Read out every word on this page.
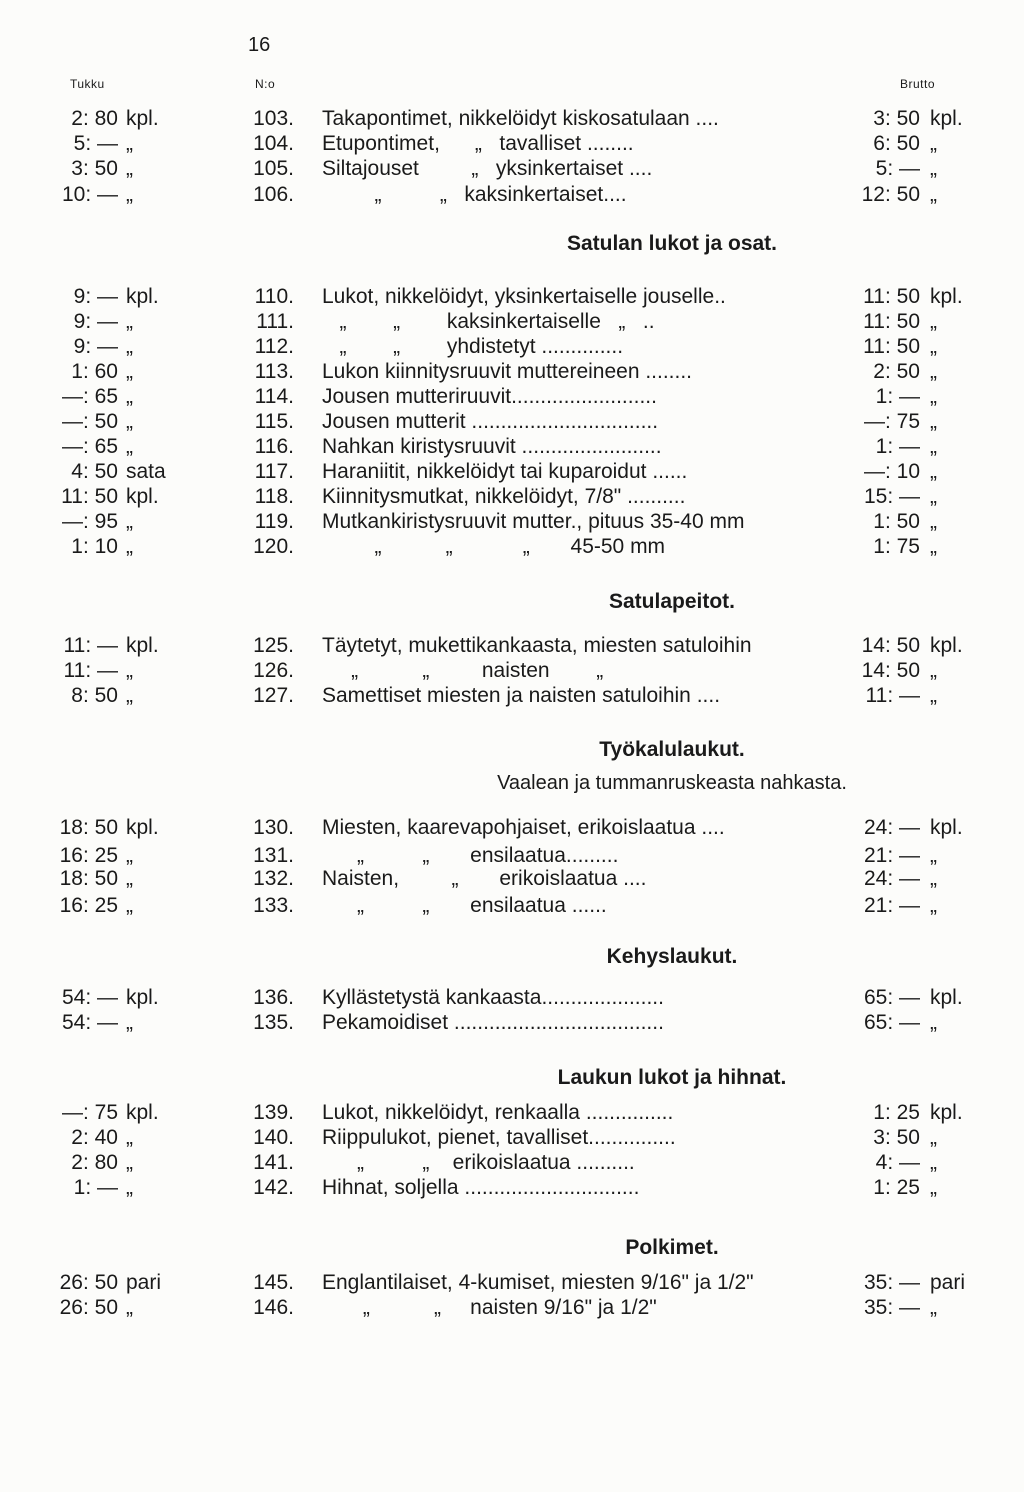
16
Tukku	N:o	Brutto
Satulan lukot ja osat.
Satulapeitot.
Työkalulaukut.
Vaalean ja tummanruskeasta nahkasta.
Kehyslaukut.
Laukun lukot ja hihnat.
Polkimet.
2: 80 kpl.	103. Takapontimet, nikkelöidyt kiskosatulaan ....	3: 50 kpl.
5: — „	104. Etupontimet,      „   tavalliset ........	6: 50 „
3: 50 „	105. Siltajouset         „   yksinkertaiset ....	5: — „
10: — „	106. „          „   kaksinkertaiset....	12: 50 „
9: — kpl.	110. Lukot, nikkelöidyt, yksinkertaiselle jouselle..	11: 50 kpl.
9: — „	111. „        „        kaksinkertaiselle   „   ..	11: 50 „
9: — „	112. „        „        yhdistetyt ..............	11: 50 „
1: 60 „	113. Lukon kiinnitysruuvit muttereineen ........	2: 50 „
—: 65 „	114. Jousen mutteriruuvit.........................	1: — „
—: 50 „	115. Jousen mutterit ................................	—: 75 „
—: 65 „	116. Nahkan kiristysruuvit ........................	1: — „
4: 50 sata	117. Haraniitit, nikkelöidyt tai kuparoidut ......	—: 10 „
11: 50 kpl.	118. Kiinnitysmutkat, nikkelöidyt, 7/8" ..........	15: — „
—: 95 „	119. Mutkankiristysruuvit mutter., pituus 35-40 mm	1: 50 „
1: 10 „	120. „           „            „       45-50 mm	1: 75 „
11: — kpl.	125. Täytetyt, mukettikankaasta, miesten satuloihin	14: 50 kpl.
11: — „	126. „           „         naisten        „	14: 50 „
8: 50 „	127. Samettiset miesten ja naisten satuloihin ....	11: — „
18: 50 kpl.	130. Miesten, kaarevapohjaiset, erikoislaatua ....	24: — kpl.
16: 25 „	131. „          „       ensilaatua.........	21: — „
18: 50 „	132. Naisten,         „       erikoislaatua ....	24: — „
16: 25 „	133. „          „       ensilaatua ......	21: — „
54: — kpl.	136. Kyllästetystä kankaasta.....................	65: — kpl.
54: — „	135. Pekamoidiset ....................................	65: — „
—: 75 kpl.	139. Lukot, nikkelöidyt, renkaalla ...............	1: 25 kpl.
2: 40 „	140. Riippulukot, pienet, tavalliset...............	3: 50 „
2: 80 „	141. „          „    erikoislaatua ..........	4: — „
1: — „	142. Hihnat, soljella ..............................	1: 25 „
26: 50 pari	145. Englantilaiset, 4-kumiset, miesten 9/16" ja 1/2"	35: — pari
26: 50 „	146. „           „     naisten 9/16" ja 1/2"	35: — „
